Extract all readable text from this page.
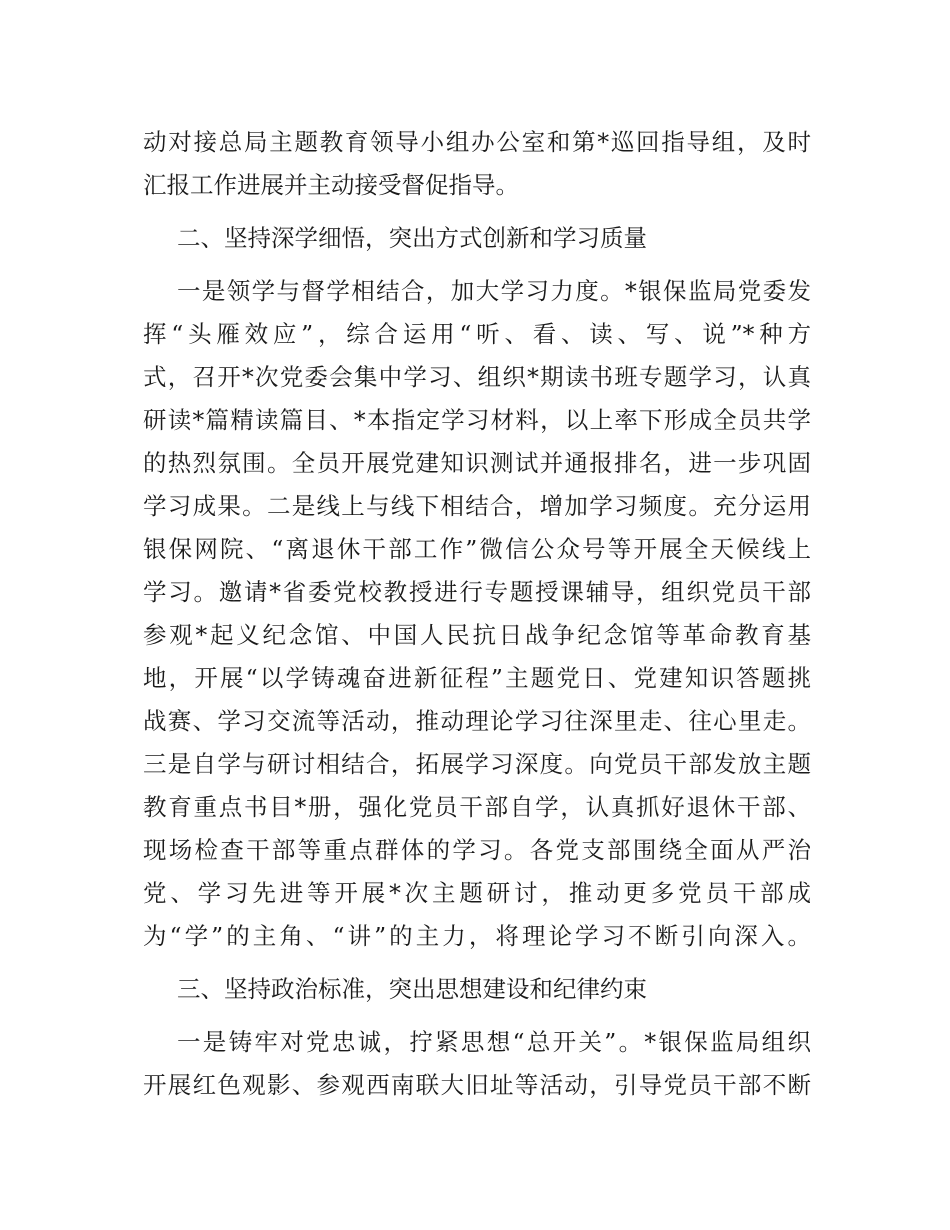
动对接总局主题教育领导小组办公室和第*巡回指导组，及时
汇报工作进展并主动接受督促指导。
二、坚持深学细悟，突出方式创新和学习质量
一是领学与督学相结合，加大学习力度。*银保监局党委发
挥“头雁效应”，综合运用“听、看、读、写、说”*种方
式，召开*次党委会集中学习、组织*期读书班专题学习，认真
研读*篇精读篇目、*本指定学习材料，以上率下形成全员共学
的热烈氛围。全员开展党建知识测试并通报排名，进一步巩固
学习成果。二是线上与线下相结合，增加学习频度。充分运用
银保网院、“离退休干部工作”微信公众号等开展全天候线上
学习。邀请*省委党校教授进行专题授课辅导，组织党员干部
参观*起义纪念馆、中国人民抗日战争纪念馆等革命教育基
地，开展“以学铸魂奋进新征程”主题党日、党建知识答题挑
战赛、学习交流等活动，推动理论学习往深里走、往心里走。
三是自学与研讨相结合，拓展学习深度。向党员干部发放主题
教育重点书目*册，强化党员干部自学，认真抓好退休干部、
现场检查干部等重点群体的学习。各党支部围绕全面从严治
党、学习先进等开展*次主题研讨，推动更多党员干部成
为“学”的主角、“讲”的主力，将理论学习不断引向深入。
三、坚持政治标准，突出思想建设和纪律约束
一是铸牢对党忠诚，拧紧思想“总开关”。*银保监局组织
开展红色观影、参观西南联大旧址等活动，引导党员干部不断
